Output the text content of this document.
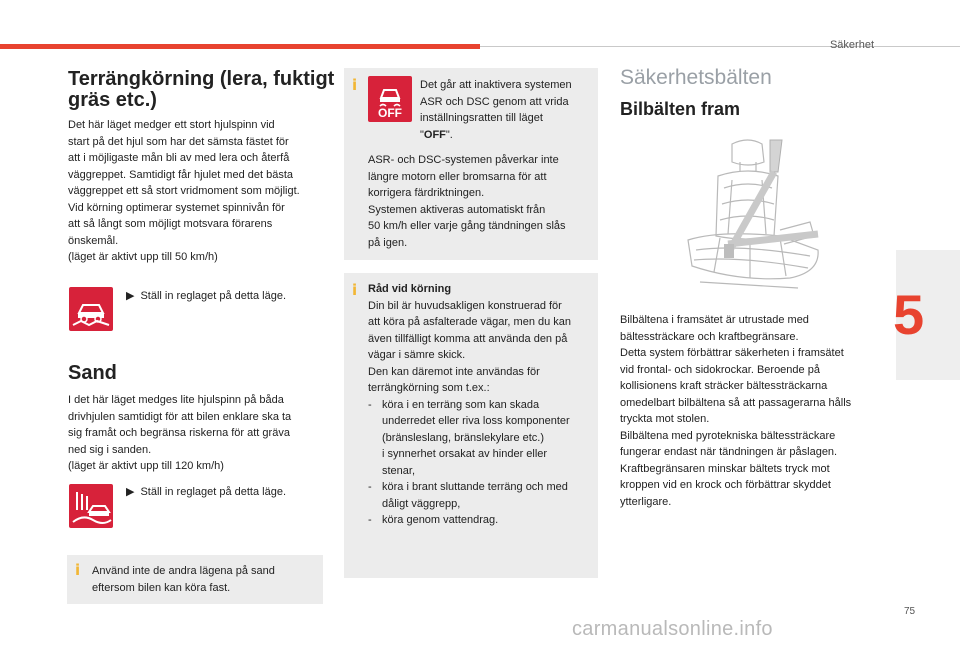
Säkerhet
5
Terrängkörning (lera, fuktigt
gräs etc.)

Det här läget medger ett stort hjulspinn vid

start på det hjul som har det sämsta fästet för

att i möjligaste mån bli av med lera och återfå

väggreppet. Samtidigt får hjulet med det bästa

väggreppet ett så stort vridmoment som möjligt.

Vid körning optimerar systemet spinnivån för

att så långt som möjligt motsvara förarens

önskemål.

(läget är aktivt upp till 50 km/h)

▶ Ställ in reglaget på detta läge.
Sand

I det här läget medges lite hjulspinn på båda

drivhjulen samtidigt för att bilen enklare ska ta

sig framåt och begränsa riskerna för att gräva

ned sig i sanden.

(läget är aktivt upp till 120 km/h)

▶ Ställ in reglaget på detta läge.
i Använd inte de andra lägena på sand

eftersom bilen kan köra fast.

i
OFF

Det går att inaktivera systemen

ASR och DSC genom att vrida

inställningsratten till läget

"OFF".

ASR- och DSC-systemen påverkar inte

längre motorn eller bromsarna för att

korrigera färdriktningen.

Systemen aktiveras automatiskt från

50 km/h eller varje gång tändningen slås

på igen.

i Råd vid körning

Din bil är huvudsakligen konstruerad för

att köra på asfalterade vägar, men du kan

även tillfälligt komma att använda den på

vägar i sämre skick.

Den kan däremot inte användas för

terrängkörning som t.ex.:

- köra i en terräng som kan skada

underredet eller riva loss komponenter

(bränsleslang, bränslekylare etc.)

i synnerhet orsakat av hinder eller

stenar,

- köra i brant sluttande terräng och med

dåligt väggrepp,

- köra genom vattendrag.

Säkerhetsbälten
Bilbälten fram

Bilbältena i framsätet är utrustade med

bältessträckare och kraftbegränsare.

Detta system förbättrar säkerheten i framsätet

vid frontal- och sidokrockar. Beroende på

kollisionens kraft sträcker bältessträckarna

omedelbart bilbältena så att passagerarna hålls

tryckta mot stolen.

Bilbältena med pyrotekniska bältessträckare

fungerar endast när tändningen är påslagen.

Kraftbegränsaren minskar bältets tryck mot

kroppen vid en krock och förbättrar skyddet

ytterligare.

75
carmanualsonline.info
